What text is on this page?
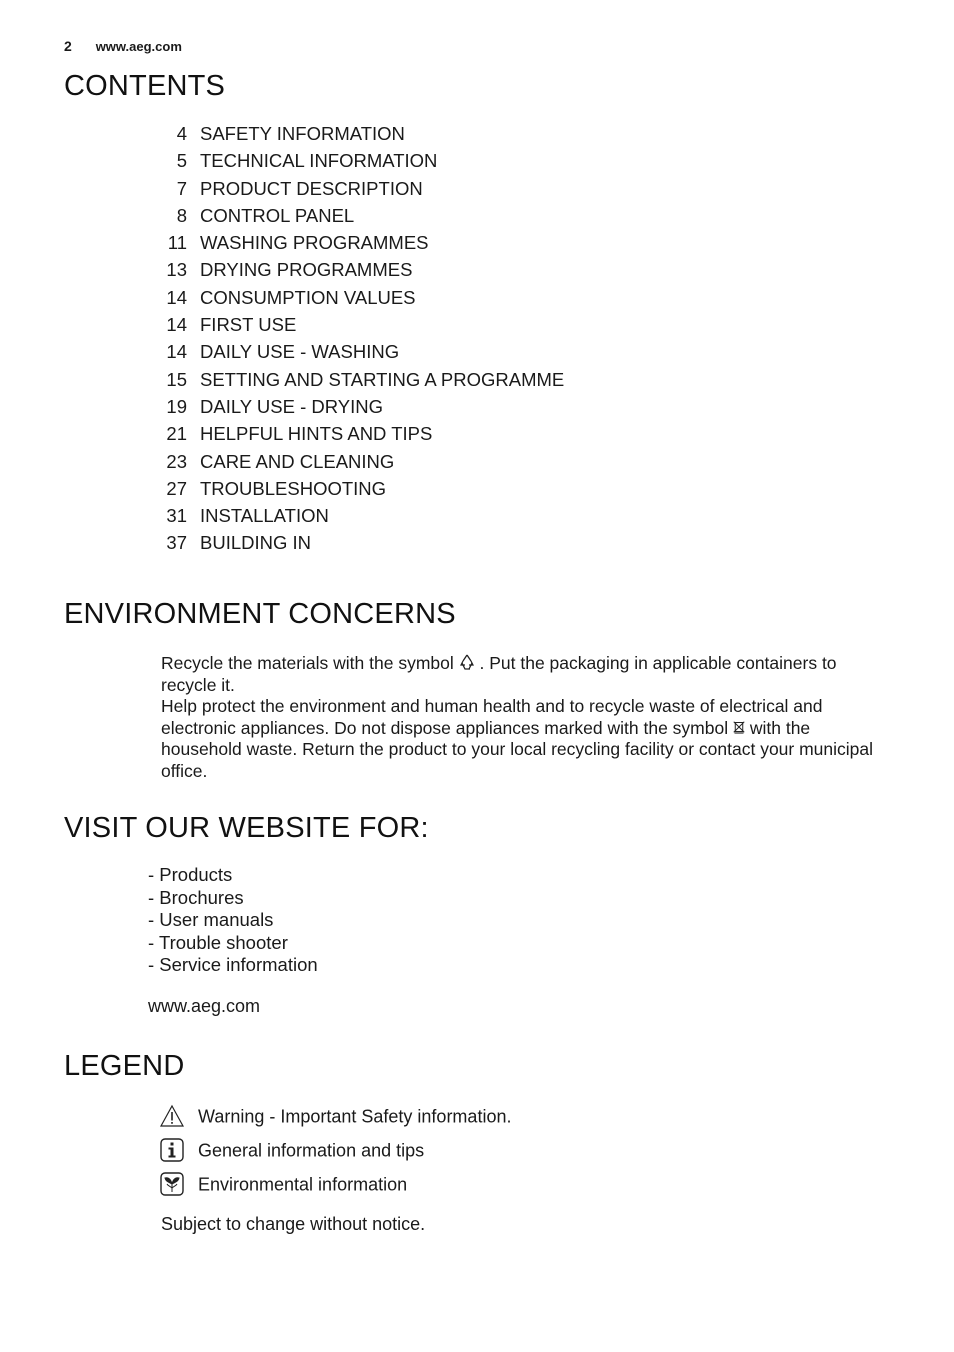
2 www.aeg.com
CONTENTS
4 SAFETY INFORMATION
5 TECHNICAL INFORMATION
7 PRODUCT DESCRIPTION
8 CONTROL PANEL
11 WASHING PROGRAMMES
13 DRYING PROGRAMMES
14 CONSUMPTION VALUES
14 FIRST USE
14 DAILY USE - WASHING
15 SETTING AND STARTING A PROGRAMME
19 DAILY USE - DRYING
21 HELPFUL HINTS AND TIPS
23 CARE AND CLEANING
27 TROUBLESHOOTING
31 INSTALLATION
37 BUILDING IN
ENVIRONMENT CONCERNS
Recycle the materials with the symbol . Put the packaging in applicable containers to recycle it.
Help protect the environment and human health and to recycle waste of electrical and electronic appliances. Do not dispose appliances marked with the symbol with the household waste. Return the product to your local recycling facility or contact your municipal office.
VISIT OUR WEBSITE FOR:
- Products
- Brochures
- User manuals
- Trouble shooter
- Service information
www.aeg.com
LEGEND
Warning - Important Safety information.
General information and tips
Environmental information
Subject to change without notice.
